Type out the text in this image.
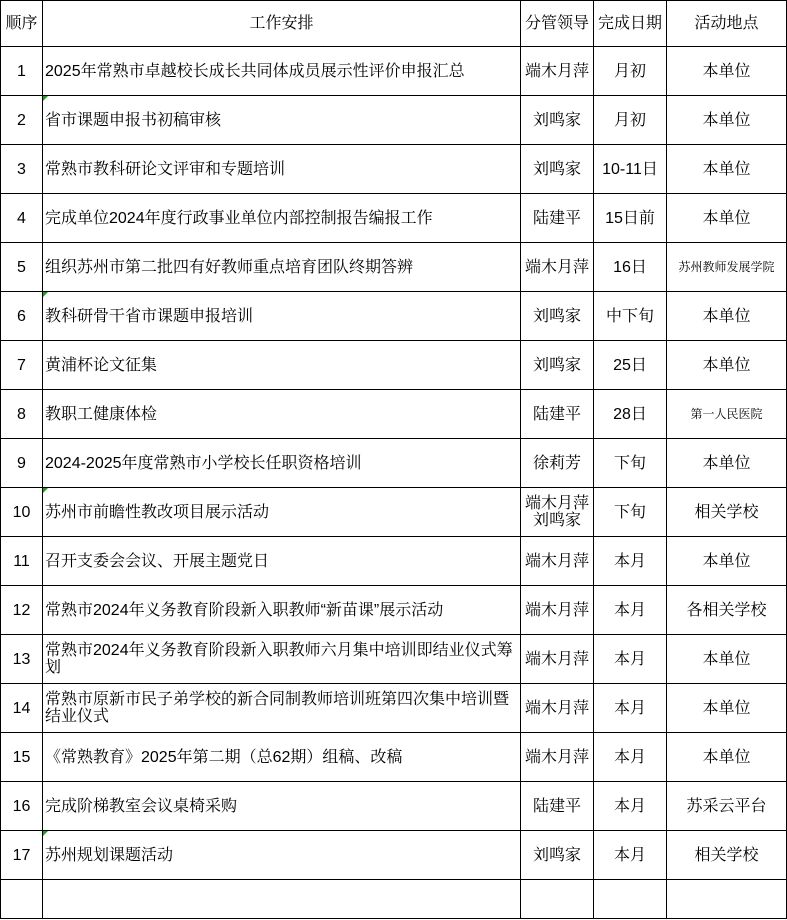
顺序	工作安排	分管领导 完成日期 活动地点
1 2025年常熟市卓越校长成长共同体成员展示性评价申报汇总	端木月萍 月初	本单位
2 省市课题申报书初稿审核	刘鸣家 月初	本单位
3 常熟市教科研论文评审和专题培训	刘鸣家 10-11日	本单位
4 完成单位2024年度行政事业单位内部控制报告编报工作	陆建平 15日前	本单位
5 组织苏州市第二批四有好教师重点培育团队终期答辨	端木月萍 16日	苏州教师发展学院
6 教科研骨干省市课题申报培训	刘鸣家 中下旬	本单位
7 黄浦杯论文征集	刘鸣家 25日	本单位
8 教职工健康体检	陆建平 28日	第一人民医院
9 2024-2025年度常熟市小学校长任职资格培训	徐莉芳 下旬	本单位
10 苏州市前瞻性教改项目展示活动	端木月萍
刘鸣家 下旬	相关学校
11 召开支委会会议、开展主题党日	端木月萍 本月	本单位
12 常熟市2024年义务教育阶段新入职教师“新苗课”展示活动	端木月萍 本月	各相关学校
13 常熟市2024年义务教育阶段新入职教师六月集中培训即结业仪式筹划	端木月萍 本月	本单位
14 常熟市原新市民子弟学校的新合同制教师培训班第四次集中培训暨结业仪式	端木月萍 本月	本单位
15 《常熟教育》2025年第二期（总62期）组稿、改稿	端木月萍 本月	本单位
16 完成阶梯教室会议桌椅采购	陆建平 本月	苏采云平台
17 苏州规划课题活动	刘鸣家 本月	相关学校
